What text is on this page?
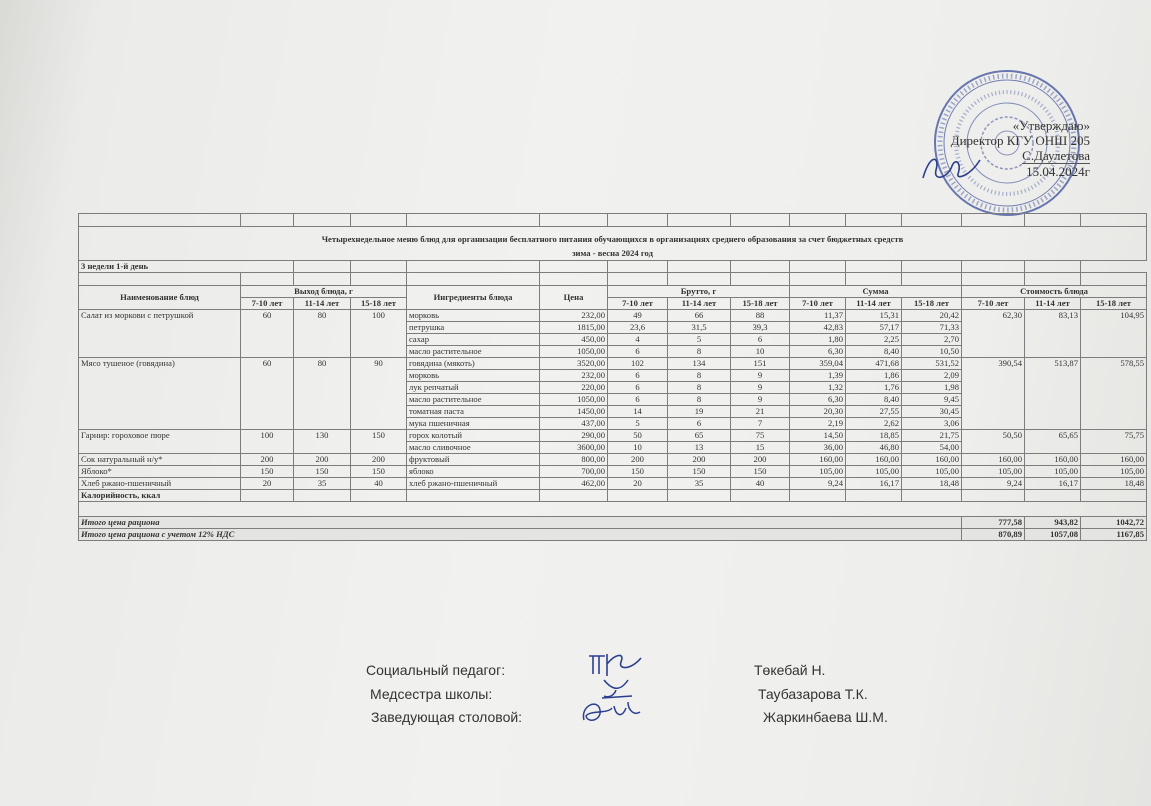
«Утверждаю»
Директор КГУ ОНШ 205
С.Даулетова
15.04.2024г

Четырехнедельное меню блюд для организации бесплатного питания обучающихся в организациях среднего образования за счет бюджетных средств														
зима - весна 2024 год														
3 недели 1-й день														

Наименование блюд	Выход блюда, г			Ингредиенты блюда	Цена	Брутто, г			Сумма			Стоимость блюда		
	7-10 лет	11-14 лет	15-18 лет			7-10 лет	11-14 лет	15-18 лет	7-10 лет	11-14 лет	15-18 лет	7-10 лет	11-14 лет	15-18 лет
Салат из моркови с петрушкой	60	80	100	морковь	232,00	49	66	88	11,37	15,31	20,42	62,30	83,13	104,95
				петрушка	1815,00	23,6	31,5	39,3	42,83	57,17	71,33			
				сахар	450,00	4	5	6	1,80	2,25	2,70			
				масло растительное	1050,00	6	8	10	6,30	8,40	10,50			
Мясо тушеное (говядина)	60	80	90	говядина (мякоть)	3520,00	102	134	151	359,04	471,68	531,52	390,54	513,87	578,55
				морковь	232,00	6	8	9	1,39	1,86	2,09			
				лук репчатый	220,00	6	8	9	1,32	1,76	1,98			
				масло растительное	1050,00	6	8	9	6,30	8,40	9,45			
				томатная паста	1450,00	14	19	21	20,30	27,55	30,45			
				мука пшеничная	437,00	5	6	7	2,19	2,62	3,06			
Гарнир: гороховое пюре	100	130	150	горох колотый	290,00	50	65	75	14,50	18,85	21,75	50,50	65,65	75,75
				масло сливочное	3600,00	10	13	15	36,00	46,80	54,00			
Сок натуральный н/у*	200	200	200	фруктовый	800,00	200	200	200	160,00	160,00	160,00	160,00	160,00	160,00
Яблоко*	150	150	150	яблоко	700,00	150	150	150	105,00	105,00	105,00	105,00	105,00	105,00
Хлеб ржано-пшеничный	20	35	40	хлеб ржано-пшеничный	462,00	20	35	40	9,24	16,17	18,48	9,24	16,17	18,48
Калорийность, ккал														

Итого цена рациона												777,58	943,82	1042,72
Итого цена рациона с учетом 12% НДС												870,89	1057,08	1167,85
Социальный педагог:	Төкебай Н.
Медсестра школы:	Таубазарова Т.К.
Заведующая столовой:	Жаркинбаева Ш.М.
